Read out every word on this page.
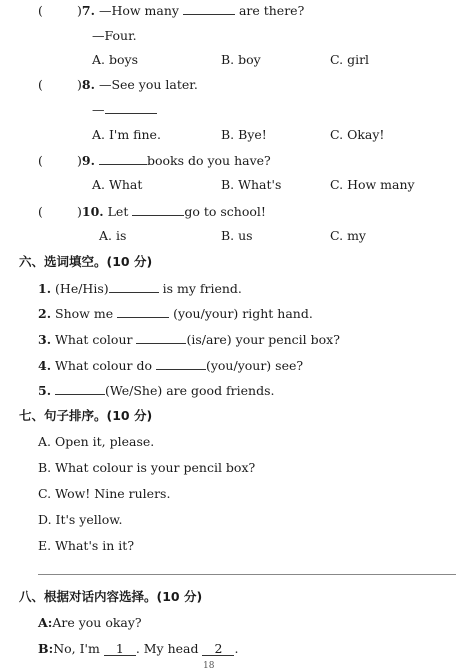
(	)7. —How many	are there?
—Four.
A. boys	B. boy	C. girl
(	)8. —See you later.
—
A. I'm fine.	B. Bye!	C. Okay!
(	)9.	books do you have?
A. What	B. What's	C. How many
(	)10. Let	go to school!
A. is	B. us	C. my
六、选词填空。(10 分)
1. (He/His)	is my friend.
2. Show me	(you/your) right hand.
3. What colour	(is/are) your pencil box?
4. What colour do	(you/your) see?
5.	(We/She) are good friends.
七、句子排序。(10 分)
A. Open it, please.
B. What colour is your pencil box?
C. Wow! Nine rulers.
D. It's yellow.
E. What's in it?
八、根据对话内容选择。(10 分)
A:Are you okay?
B:No, I'm 1 . My head 2 .
18
